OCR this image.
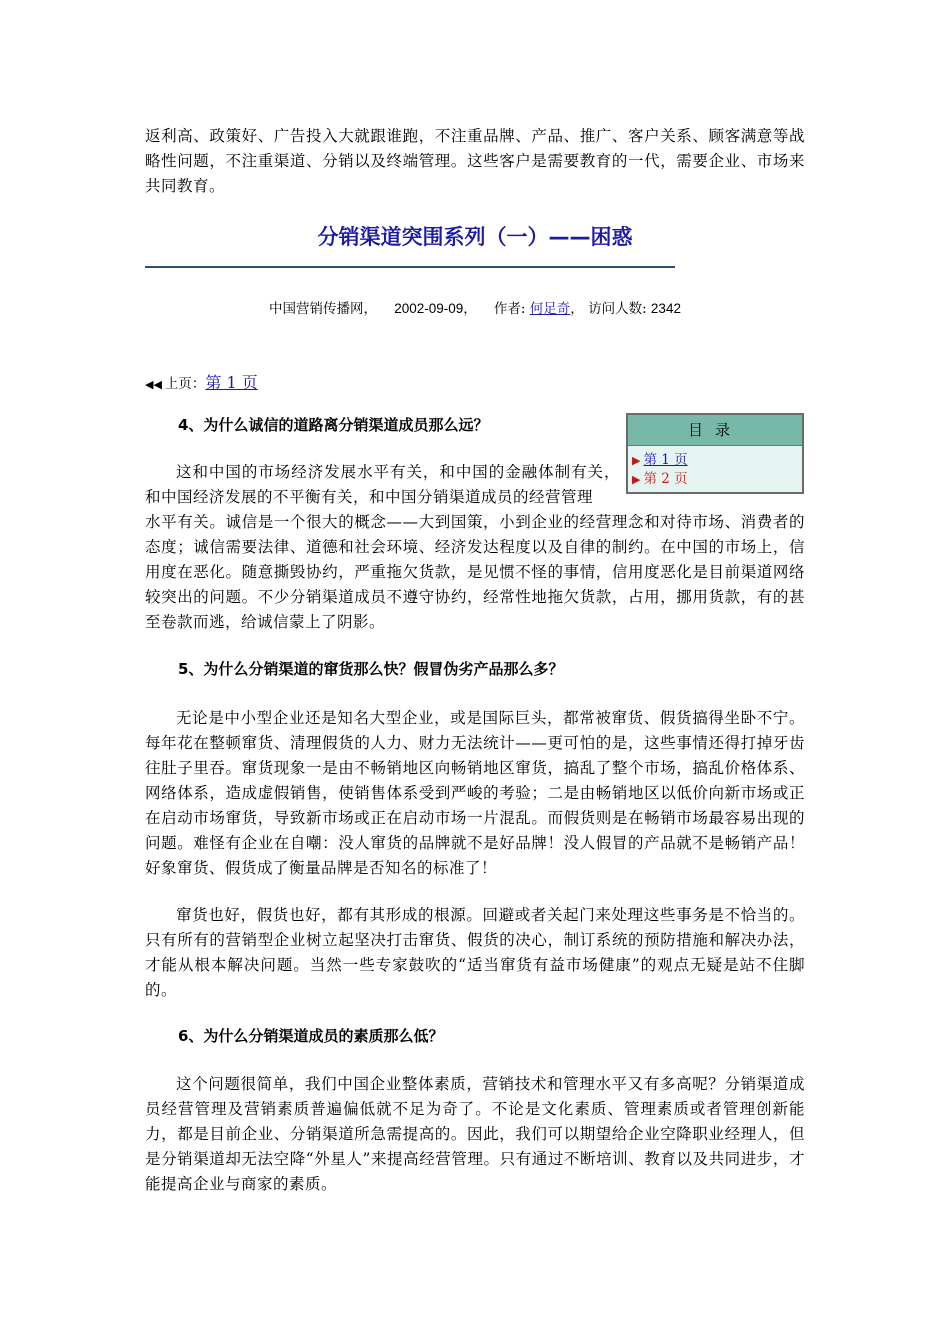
返利高、政策好、广告投入大就跟谁跑，不注重品牌、产品、推广、客户关系、顾客满意等战略性问题，不注重渠道、分销以及终端管理。这些客户是需要教育的一代，需要企业、市场来共同教育。

分销渠道突围系列（一）——困惑

中国营销传播网， 2002-09-09， 作者: 何足奇， 访问人数: 2342
◀◀ 上页：第 1 页
目录
▶ 第 1 页
▶ 第 2 页

4、为什么诚信的道路离分销渠道成员那么远？

这和中国的市场经济发展水平有关，和中国的金融体制有关，和中国经济发展的不平衡有关，和中国分销渠道成员的经营管理

水平有关。诚信是一个很大的概念——大到国策，小到企业的经营理念和对待市场、消费者的态度；诚信需要法律、道德和社会环境、经济发达程度以及自律的制约。在中国的市场上，信用度在恶化。随意撕毁协约，严重拖欠货款，是见惯不怪的事情，信用度恶化是目前渠道网络较突出的问题。不少分销渠道成员不遵守协约，经常性地拖欠货款，占用，挪用货款，有的甚至卷款而逃，给诚信蒙上了阴影。

5、为什么分销渠道的窜货那么快？假冒伪劣产品那么多？

无论是中小型企业还是知名大型企业，或是国际巨头，都常被窜货、假货搞得坐卧不宁。每年花在整顿窜货、清理假货的人力、财力无法统计——更可怕的是，这些事情还得打掉牙齿往肚子里吞。窜货现象一是由不畅销地区向畅销地区窜货，搞乱了整个市场，搞乱价格体系、网络体系，造成虚假销售，使销售体系受到严峻的考验；二是由畅销地区以低价向新市场或正在启动市场窜货，导致新市场或正在启动市场一片混乱。而假货则是在畅销市场最容易出现的问题。难怪有企业在自嘲：没人窜货的品牌就不是好品牌！没人假冒的产品就不是畅销产品！好象窜货、假货成了衡量品牌是否知名的标准了！

窜货也好，假货也好，都有其形成的根源。回避或者关起门来处理这些事务是不恰当的。只有所有的营销型企业树立起坚决打击窜货、假货的决心，制订系统的预防措施和解决办法，才能从根本解决问题。当然一些专家鼓吹的“适当窜货有益市场健康”的观点无疑是站不住脚的。

6、为什么分销渠道成员的素质那么低？

这个问题很简单，我们中国企业整体素质，营销技术和管理水平又有多高呢？分销渠道成员经营管理及营销素质普遍偏低就不足为奇了。不论是文化素质、管理素质或者管理创新能力，都是目前企业、分销渠道所急需提高的。因此，我们可以期望给企业空降职业经理人，但是分销渠道却无法空降“外星人”来提高经营管理。只有通过不断培训、教育以及共同进步，才能提高企业与商家的素质。
